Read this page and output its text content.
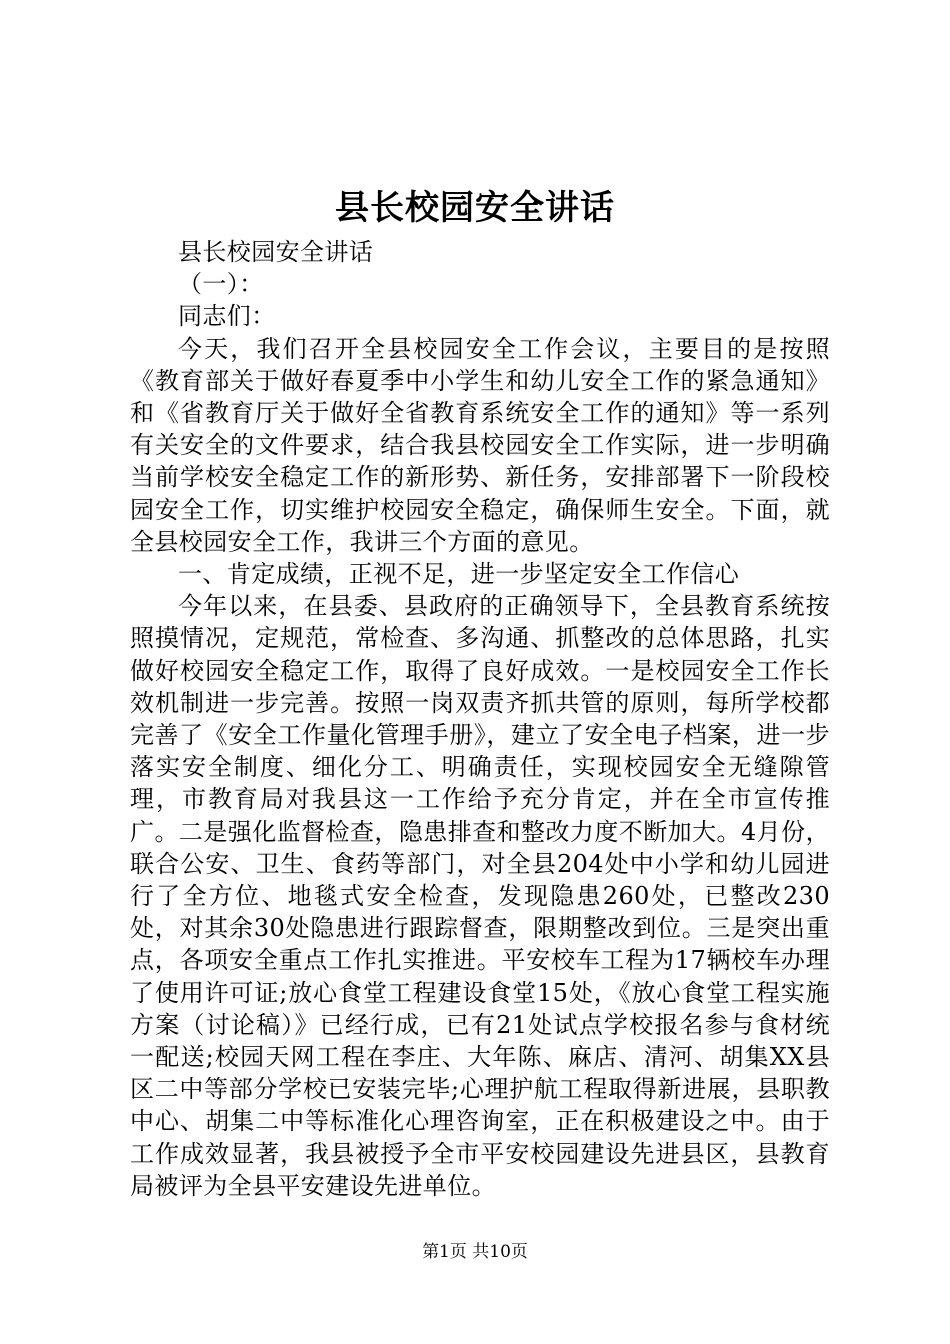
县长校园安全讲话

县长校园安全讲话

（一）：

同志们：

今天，我们召开全县校园安全工作会议，主要目的是按照《教育部关于做好春夏季中小学生和幼儿安全工作的紧急通知》和《省教育厅关于做好全省教育系统安全工作的通知》等一系列有关安全的文件要求，结合我县校园安全工作实际，进一步明确当前学校安全稳定工作的新形势、新任务，安排部署下一阶段校园安全工作，切实维护校园安全稳定，确保师生安全。下面，就全县校园安全工作，我讲三个方面的意见。

一、肯定成绩，正视不足，进一步坚定安全工作信心

今年以来，在县委、县政府的正确领导下，全县教育系统按照摸情况，定规范，常检查、多沟通、抓整改的总体思路，扎实做好校园安全稳定工作，取得了良好成效。一是校园安全工作长效机制进一步完善。按照一岗双责齐抓共管的原则，每所学校都完善了《安全工作量化管理手册》，建立了安全电子档案，进一步落实安全制度、细化分工、明确责任，实现校园安全无缝隙管理，市教育局对我县这一工作给予充分肯定，并在全市宣传推广。二是强化监督检查，隐患排查和整改力度不断加大。4月份，联合公安、卫生、食药等部门，对全县204处中小学和幼儿园进行了全方位、地毯式安全检查，发现隐患260处，已整改230处，对其余30处隐患进行跟踪督查，限期整改到位。三是突出重点，各项安全重点工作扎实推进。平安校车工程为17辆校车办理了使用许可证;放心食堂工程建设食堂15处，《放心食堂工程实施方案（讨论稿）》已经行成，已有21处试点学校报名参与食材统一配送;校园天网工程在李庄、大年陈、麻店、清河、胡集XX县区二中等部分学校已安装完毕;心理护航工程取得新进展，县职教中心、胡集二中等标准化心理咨询室，正在积极建设之中。由于工作成效显著，我县被授予全市平安校园建设先进县区，县教育局被评为全县平安建设先进单位。

第1页 共10页
